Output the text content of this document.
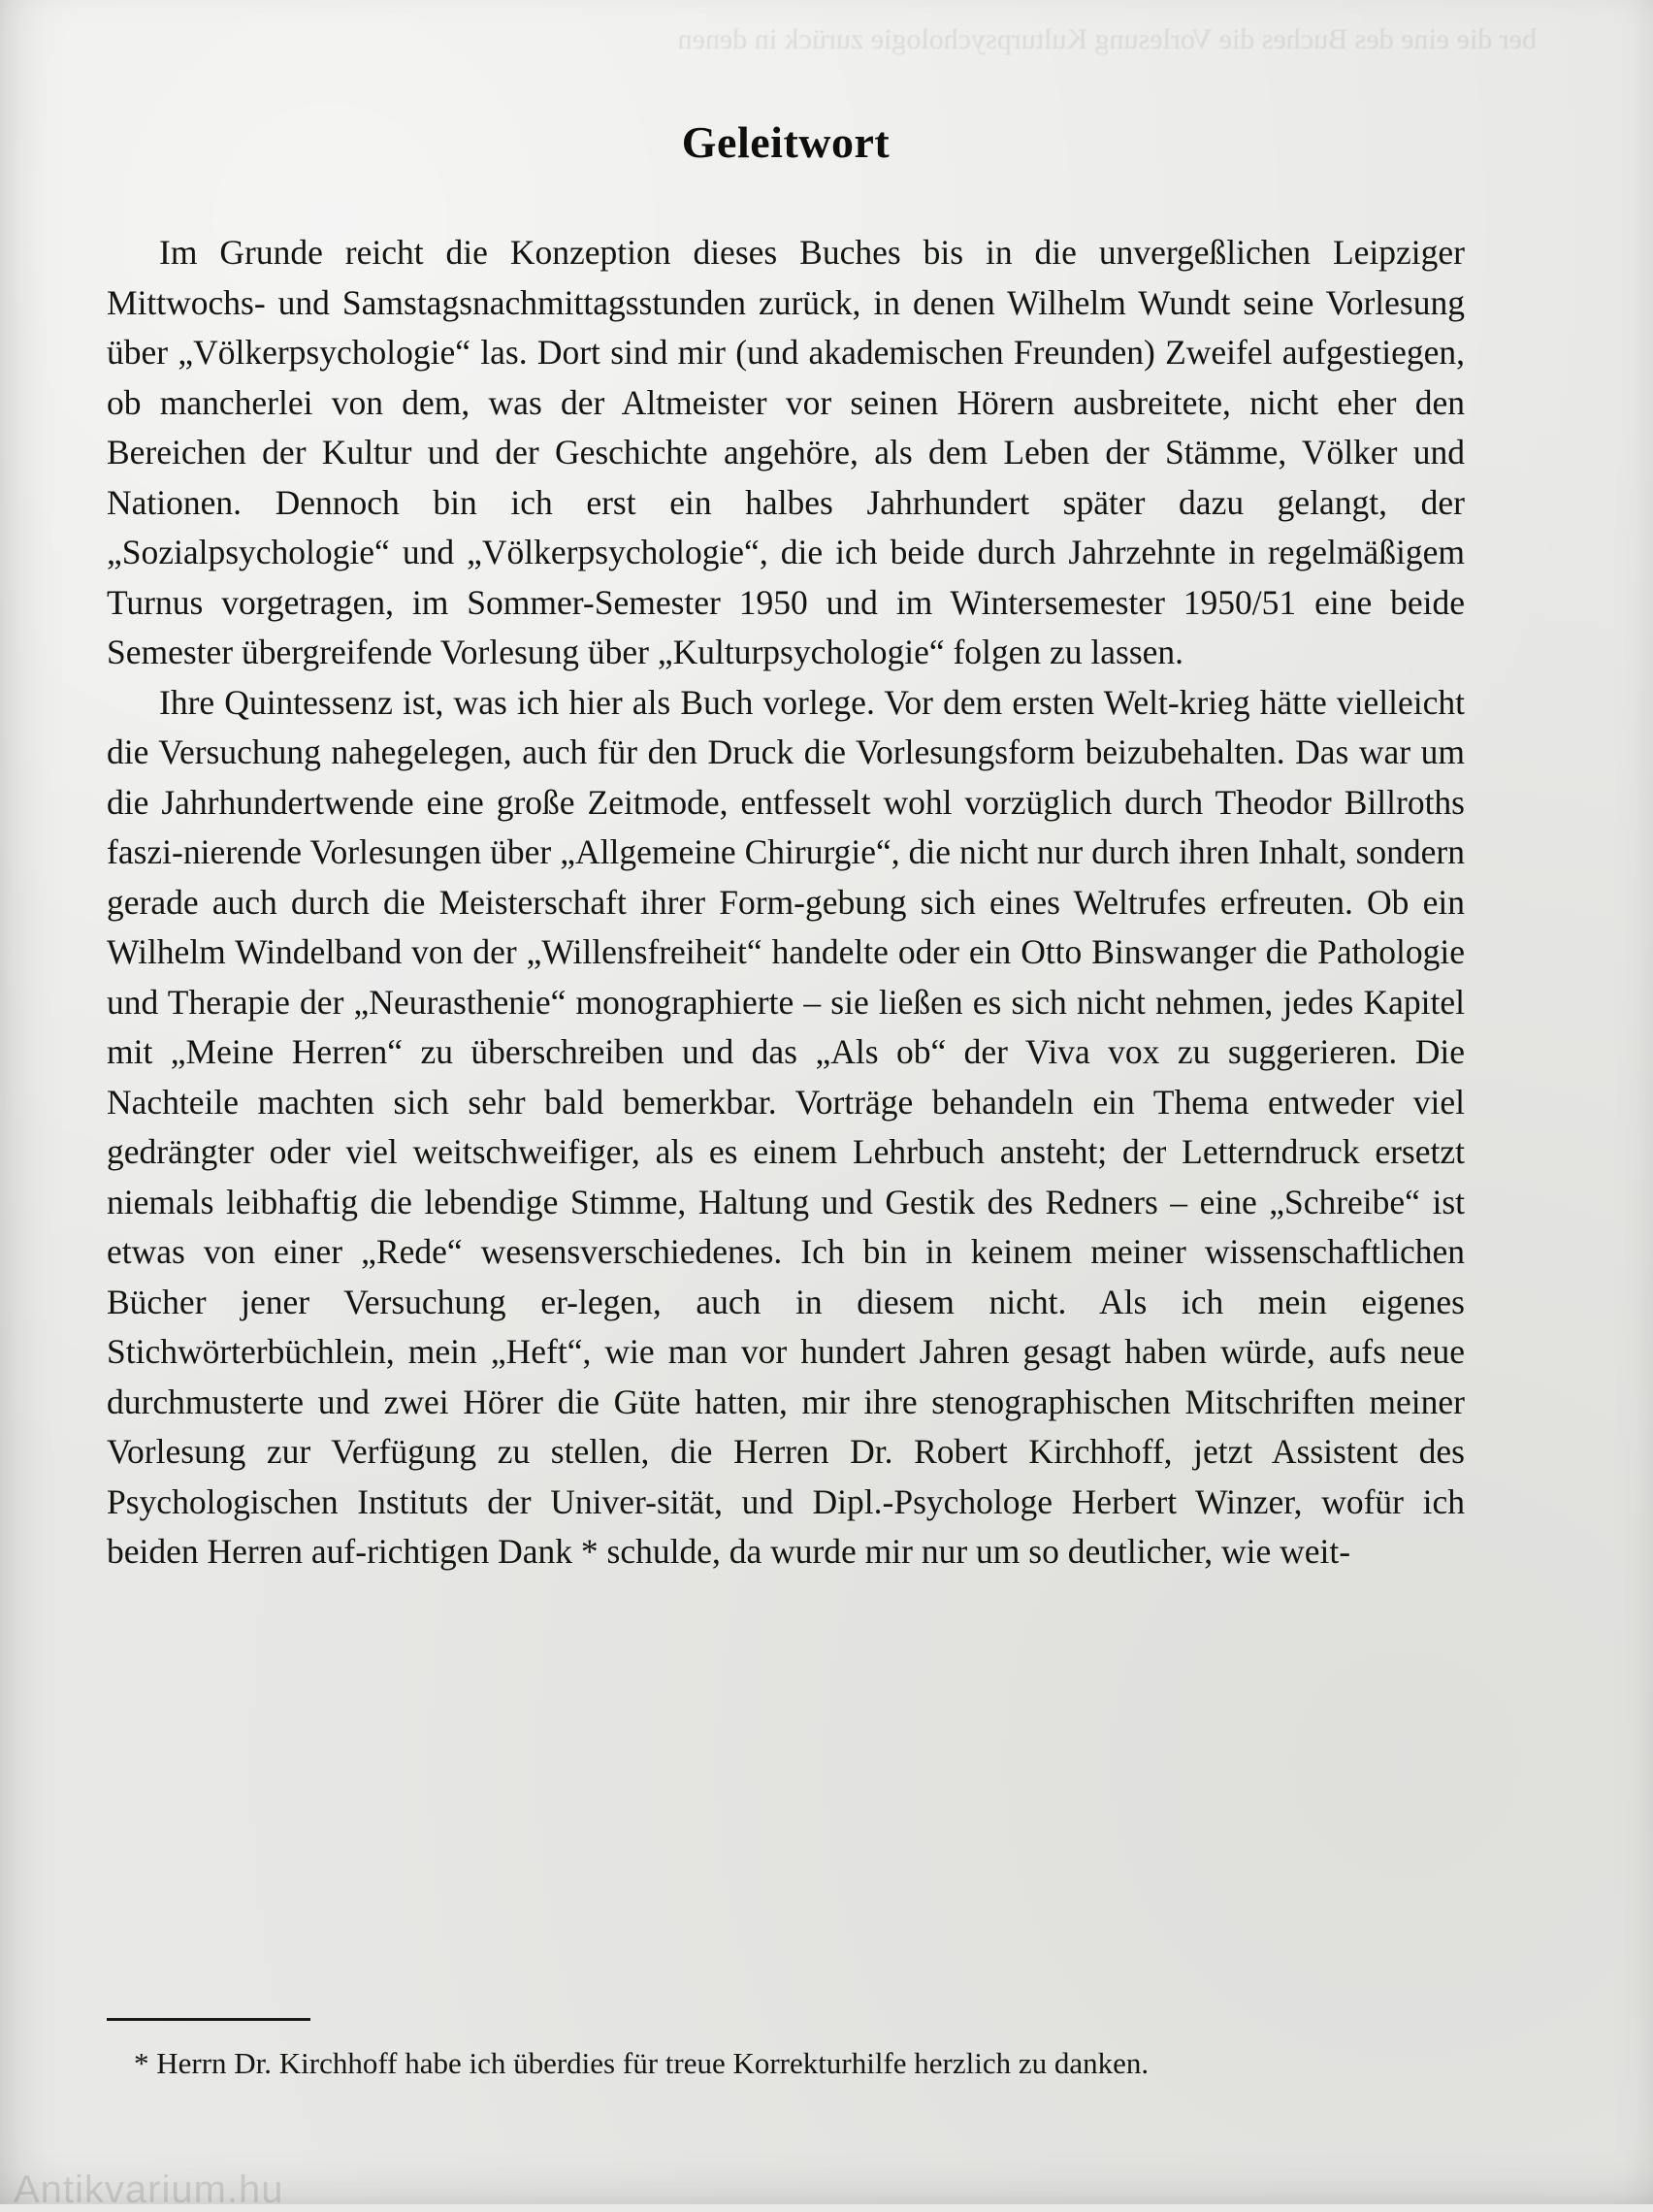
ber die eine des Buches die Vorlesung Kulturpsychologie zurück in denen
Geleitwort

Im Grunde reicht die Konzeption dieses Buches bis in die unvergeßlichen Leipziger Mittwochs- und Samstagsnachmittagsstunden zurück, in denen Wilhelm Wundt seine Vorlesung über „Völkerpsychologie“ las. Dort sind mir (und akademischen Freunden) Zweifel aufgestiegen, ob mancherlei von dem, was der Altmeister vor seinen Hörern ausbreitete, nicht eher den Bereichen der Kultur und der Geschichte angehöre, als dem Leben der Stämme, Völker und Nationen. Dennoch bin ich erst ein halbes Jahrhundert später dazu gelangt, der „Sozialpsychologie“ und „Völkerpsychologie“, die ich beide durch Jahrzehnte in regelmäßigem Turnus vorgetragen, im Sommer-Semester 1950 und im Wintersemester 1950/51 eine beide Semester übergreifende Vorlesung über „Kulturpsychologie“ folgen zu lassen.

Ihre Quintessenz ist, was ich hier als Buch vorlege. Vor dem ersten Welt-krieg hätte vielleicht die Versuchung nahegelegen, auch für den Druck die Vorlesungsform beizubehalten. Das war um die Jahrhundertwende eine große Zeitmode, entfesselt wohl vorzüglich durch Theodor Billroths faszi-nierende Vorlesungen über „Allgemeine Chirurgie“, die nicht nur durch ihren Inhalt, sondern gerade auch durch die Meisterschaft ihrer Form-gebung sich eines Weltrufes erfreuten. Ob ein Wilhelm Windelband von der „Willensfreiheit“ handelte oder ein Otto Binswanger die Pathologie und Therapie der „Neurasthenie“ monographierte – sie ließen es sich nicht nehmen, jedes Kapitel mit „Meine Herren“ zu überschreiben und das „Als ob“ der Viva vox zu suggerieren. Die Nachteile machten sich sehr bald bemerkbar. Vorträge behandeln ein Thema entweder viel gedrängter oder viel weitschweifiger, als es einem Lehrbuch ansteht; der Letterndruck ersetzt niemals leibhaftig die lebendige Stimme, Haltung und Gestik des Redners – eine „Schreibe“ ist etwas von einer „Rede“ wesensverschiedenes. Ich bin in keinem meiner wissenschaftlichen Bücher jener Versuchung er-legen, auch in diesem nicht. Als ich mein eigenes Stichwörterbüchlein, mein „Heft“, wie man vor hundert Jahren gesagt haben würde, aufs neue durchmusterte und zwei Hörer die Güte hatten, mir ihre stenographischen Mitschriften meiner Vorlesung zur Verfügung zu stellen, die Herren Dr. Robert Kirchhoff, jetzt Assistent des Psychologischen Instituts der Univer-sität, und Dipl.-Psychologe Herbert Winzer, wofür ich beiden Herren auf-richtigen Dank * schulde, da wurde mir nur um so deutlicher, wie weit-

* Herrn Dr. Kirchhoff habe ich überdies für treue Korrekturhilfe herzlich zu danken.

Antikvarium.hu
